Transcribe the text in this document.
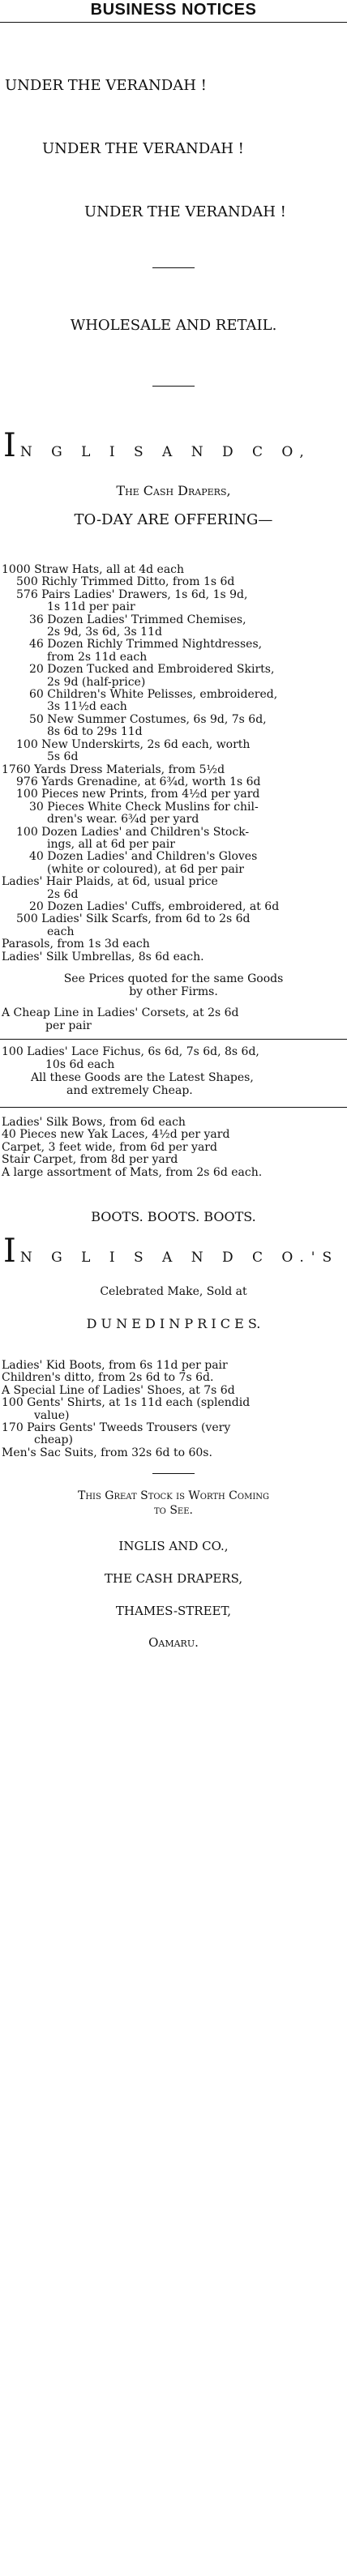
BUSINESS NOTICES
UNDER THE VERANDAH !
UNDER THE VERANDAH !
UNDER THE VERANDAH !
WHOLESALE AND RETAIL.
I N G L I S A N D C O,
The Cash Drapers,
TO-DAY ARE OFFERING—
1000 Straw Hats, all at 4d each
500 Richly Trimmed Ditto, from 1s 6d
576 Pairs Ladies' Drawers, 1s 6d, 1s 9d,
1s 11d per pair
36 Dozen Ladies' Trimmed Chemises,
2s 9d, 3s 6d, 3s 11d
46 Dozen Richly Trimmed Nightdresses,
from 2s 11d each
20 Dozen Tucked and Embroidered Skirts,
2s 9d (half-price)
60 Children's White Pelisses, embroidered,
3s 11½d each
50 New Summer Costumes, 6s 9d, 7s 6d,
8s 6d to 29s 11d
100 New Underskirts, 2s 6d each, worth
5s 6d
1760 Yards Dress Materials, from 5½d
976 Yards Grenadine, at 6¾d, worth 1s 6d
100 Pieces new Prints, from 4½d per yard
30 Pieces White Check Muslins for chil-
dren's wear. 6¾d per yard
100 Dozen Ladies' and Children's Stock-
ings, all at 6d per pair
40 Dozen Ladies' and Children's Gloves
(white or coloured), at 6d per pair
Ladies' Hair Plaids, at 6d, usual price
2s 6d
20 Dozen Ladies' Cuffs, embroidered, at 6d
500 Ladies' Silk Scarfs, from 6d to 2s 6d
each
Parasols, from 1s 3d each
Ladies' Silk Umbrellas, 8s 6d each.
See Prices quoted for the same Goods
by other Firms.
A Cheap Line in Ladies' Corsets, at 2s 6d
per pair
100 Ladies' Lace Fichus, 6s 6d, 7s 6d, 8s 6d,
10s 6d each
All these Goods are the Latest Shapes,
and extremely Cheap.
Ladies' Silk Bows, from 6d each
40 Pieces new Yak Laces, 4½d per yard
Carpet, 3 feet wide, from 6d per yard
Stair Carpet, from 8d per yard
A large assortment of Mats, from 2s 6d each.
BOOTS. BOOTS. BOOTS.
I N G L I S A N D C O.'S
Celebrated Make, Sold at
D U N E D I N P R I C E S.
Ladies' Kid Boots, from 6s 11d per pair
Children's ditto, from 2s 6d to 7s 6d.
A Special Line of Ladies' Shoes, at 7s 6d
100 Gents' Shirts, at 1s 11d each (splendid
value)
170 Pairs Gents' Tweeds Trousers (very
cheap)
Men's Sac Suits, from 32s 6d to 60s.
This Great Stock is Worth Coming
to See.
INGLIS AND CO.,
THE CASH DRAPERS,
THAMES-STREET,
Oamaru.
